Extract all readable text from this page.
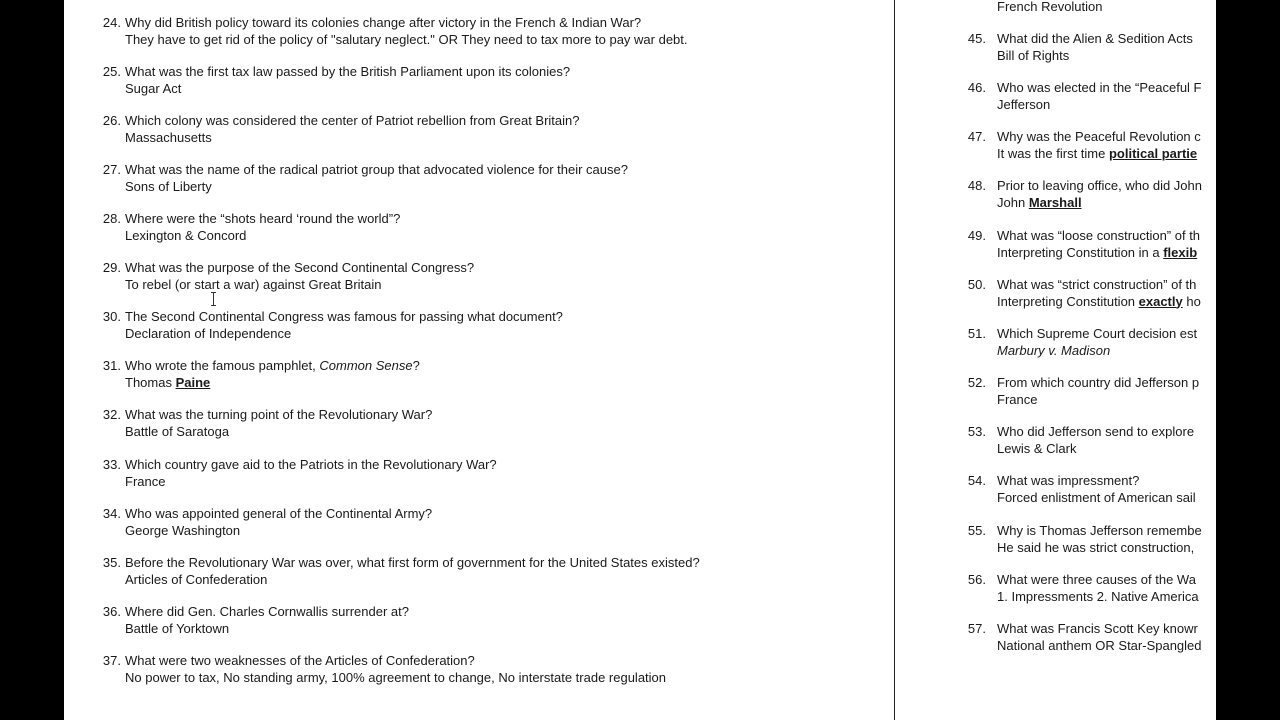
24. Why did British policy toward its colonies change after victory in the French & Indian War?
They have to get rid of the policy of "salutary neglect." OR They need to tax more to pay war debt.
25. What was the first tax law passed by the British Parliament upon its colonies?
Sugar Act
26. Which colony was considered the center of Patriot rebellion from Great Britain?
Massachusetts
27. What was the name of the radical patriot group that advocated violence for their cause?
Sons of Liberty
28. Where were the “shots heard ‘round the world”?
Lexington & Concord
29. What was the purpose of the Second Continental Congress?
To rebel (or start a war) against Great Britain
30. The Second Continental Congress was famous for passing what document?
Declaration of Independence
31. Who wrote the famous pamphlet, Common Sense?
Thomas Paine
32. What was the turning point of the Revolutionary War?
Battle of Saratoga
33. Which country gave aid to the Patriots in the Revolutionary War?
France
34. Who was appointed general of the Continental Army?
George Washington
35. Before the Revolutionary War was over, what first form of government for the United States existed?
Articles of Confederation
36. Where did Gen. Charles Cornwallis surrender at?
Battle of Yorktown
37. What were two weaknesses of the Articles of Confederation?
No power to tax, No standing army, 100% agreement to change, No interstate trade regulation
French Revolution
45. What did the Alien & Sedition Acts
Bill of Rights
46. Who was elected in the “Peaceful F
Jefferson
47. Why was the Peaceful Revolution c
It was the first time political partie
48. Prior to leaving office, who did John
John Marshall
49. What was “loose construction” of th
Interpreting Constitution in a flexib
50. What was “strict construction” of th
Interpreting Constitution exactly ho
51. Which Supreme Court decision est
Marbury v. Madison
52. From which country did Jefferson p
France
53. Who did Jefferson send to explore
Lewis & Clark
54. What was impressment?
Forced enlistment of American sail
55. Why is Thomas Jefferson remembe
He said he was strict construction,
56. What were three causes of the Wa
1. Impressments 2. Native America
57. What was Francis Scott Key knowr
National anthem OR Star-Spangled
